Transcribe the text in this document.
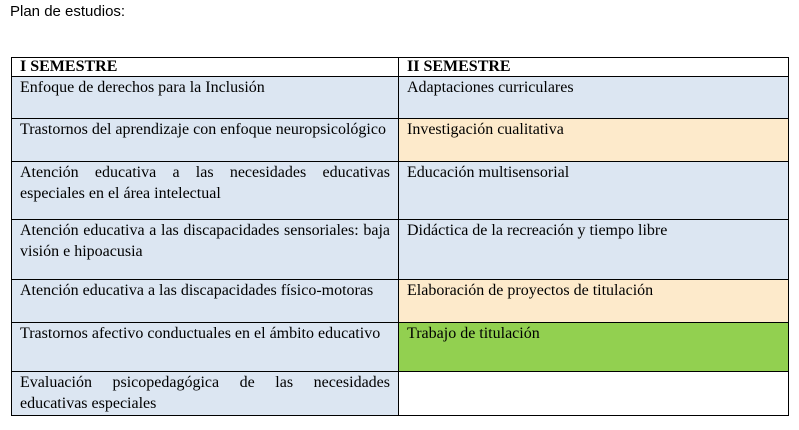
Plan de estudios:
I SEMESTRE	II SEMESTRE
Enfoque de derechos para la Inclusión	Adaptaciones curriculares
Trastornos del aprendizaje con enfoque neuropsicológico	Investigación cualitativa
Atención educativa a las necesidades educativas especiales en el área intelectual	Educación multisensorial
Atención educativa a las discapacidades sensoriales: baja visión e hipoacusia	Didáctica de la recreación y tiempo libre
Atención educativa a las discapacidades físico-motoras	Elaboración de proyectos de titulación
Trastornos afectivo conductuales en el ámbito educativo	Trabajo de titulación
Evaluación psicopedagógica de las necesidades educativas especiales	
